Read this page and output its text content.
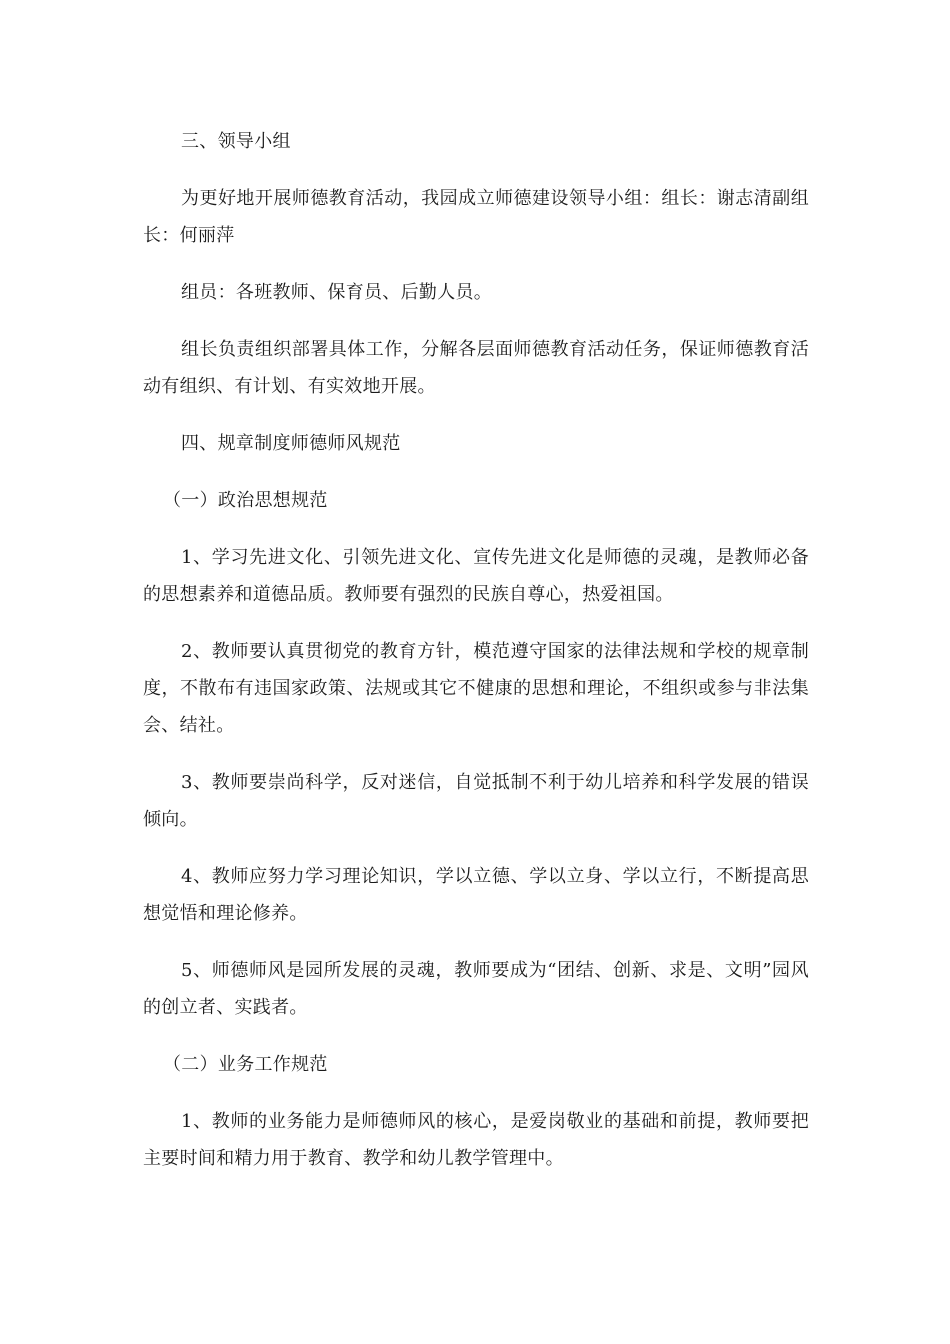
三、领导小组

为更好地开展师德教育活动，我园成立师德建设领导小组：组长：谢志清副组长：何丽萍

组员：各班教师、保育员、后勤人员。

组长负责组织部署具体工作，分解各层面师德教育活动任务，保证师德教育活动有组织、有计划、有实效地开展。

四、规章制度师德师风规范

（一）政治思想规范

1、学习先进文化、引领先进文化、宣传先进文化是师德的灵魂，是教师必备的思想素养和道德品质。教师要有强烈的民族自尊心，热爱祖国。

2、教师要认真贯彻党的教育方针，模范遵守国家的法律法规和学校的规章制度，不散布有违国家政策、法规或其它不健康的思想和理论，不组织或参与非法集会、结社。

3、教师要崇尚科学，反对迷信，自觉抵制不利于幼儿培养和科学发展的错误倾向。

4、教师应努力学习理论知识，学以立德、学以立身、学以立行，不断提高思想觉悟和理论修养。

5、师德师风是园所发展的灵魂，教师要成为“团结、创新、求是、文明”园风的创立者、实践者。

（二）业务工作规范

1、教师的业务能力是师德师风的核心，是爱岗敬业的基础和前提，教师要把主要时间和精力用于教育、教学和幼儿教学管理中。
